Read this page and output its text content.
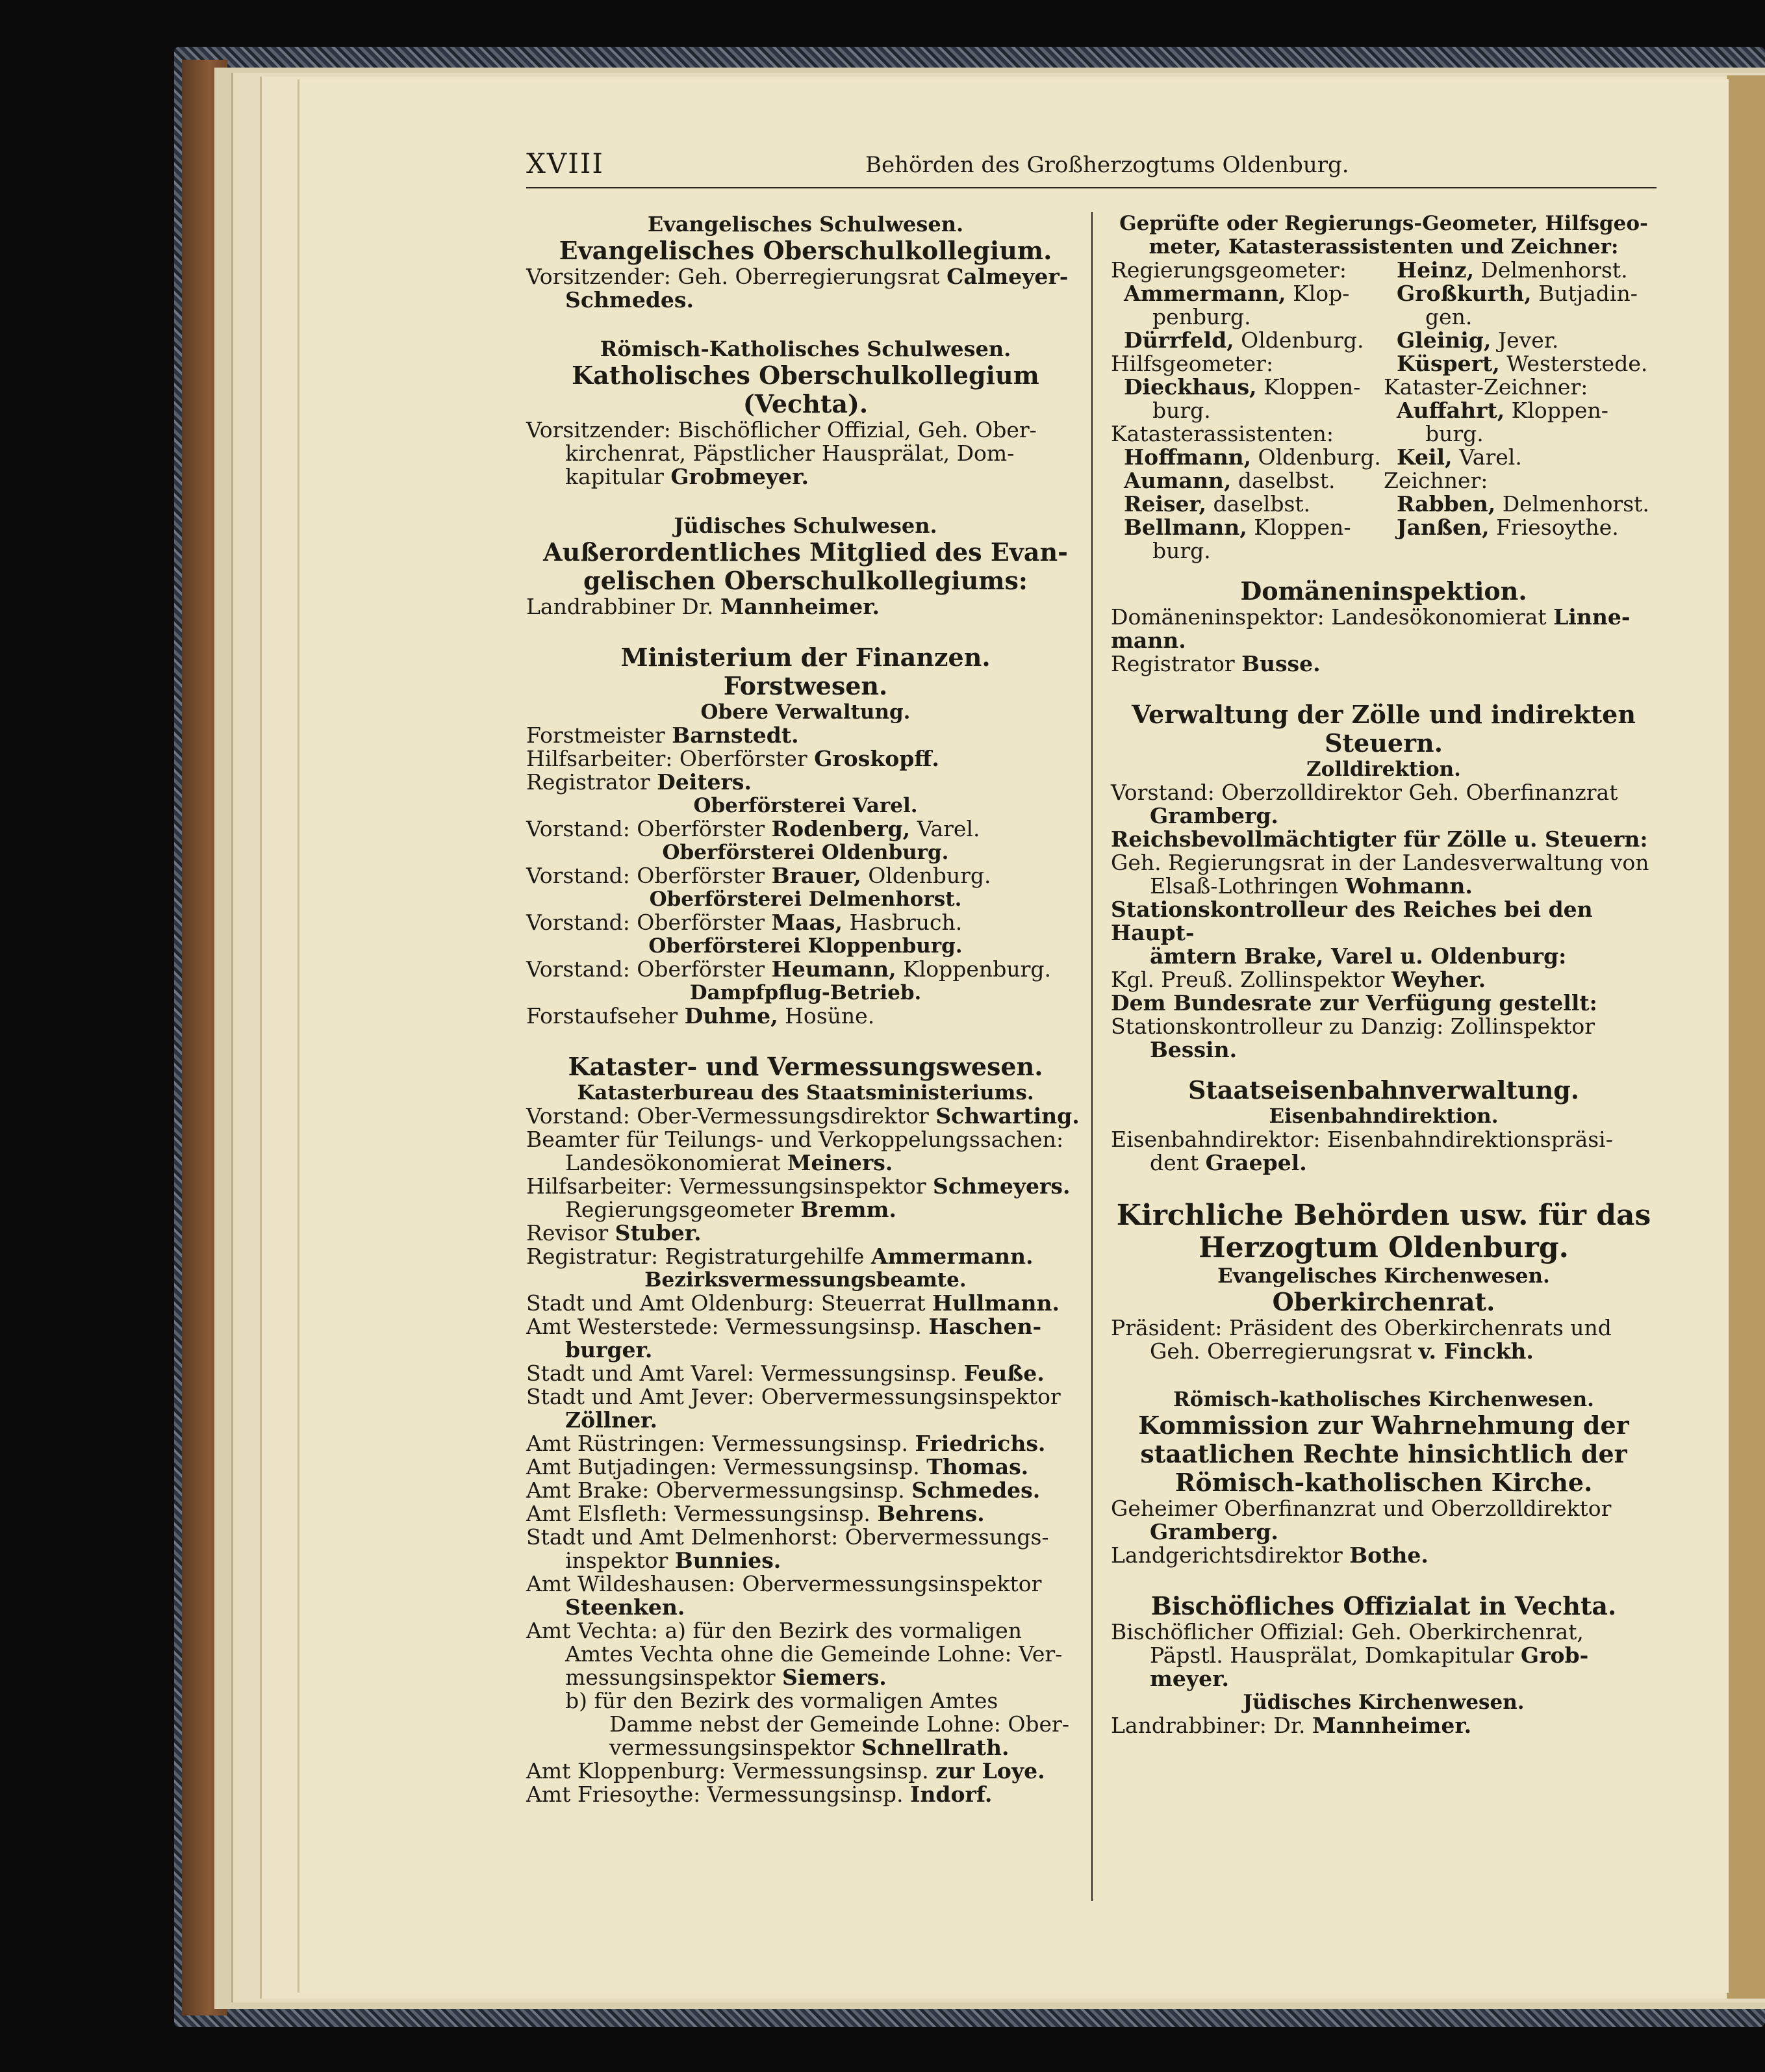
XVIII	Behörden des Großherzogtums Oldenburg.
Evangelisches Schulwesen.
Evangelisches Oberschulkollegium.

Vorsitzender: Geh. Oberregierungsrat Calmeyer-

Schmedes.

Römisch-Katholisches Schulwesen.
Katholisches Oberschulkollegium (Vechta).

Vorsitzender: Bischöflicher Offizial, Geh. Ober-

kirchenrat, Päpstlicher Hausprälat, Dom-

kapitular Grobmeyer.

Jüdisches Schulwesen.
Außerordentliches Mitglied des Evan-
gelischen Oberschulkollegiums:

Landrabbiner Dr. Mannheimer.

Ministerium der Finanzen.
Forstwesen.
Obere Verwaltung.

Forstmeister Barnstedt.

Hilfsarbeiter: Oberförster Groskopff.

Registrator Deiters.

Oberförsterei Varel.

Vorstand: Oberförster Rodenberg, Varel.

Oberförsterei Oldenburg.

Vorstand: Oberförster Brauer, Oldenburg.

Oberförsterei Delmenhorst.

Vorstand: Oberförster Maas, Hasbruch.

Oberförsterei Kloppenburg.

Vorstand: Oberförster Heumann, Kloppenburg.

Dampfpflug-Betrieb.

Forstaufseher Duhme, Hosüne.

Kataster- und Vermessungswesen.
Katasterbureau des Staatsministeriums.

Vorstand: Ober-Vermessungsdirektor Schwarting.

Beamter für Teilungs- und Verkoppelungssachen:

Landesökonomierat Meiners.

Hilfsarbeiter: Vermessungsinspektor Schmeyers.

Regierungsgeometer Bremm.

Revisor Stuber.

Registratur: Registraturgehilfe Ammermann.

Bezirksvermessungsbeamte.

Stadt und Amt Oldenburg: Steuerrat Hullmann.

Amt Westerstede: Vermessungsinsp. Haschen-

burger.

Stadt und Amt Varel: Vermessungsinsp. Feuße.

Stadt und Amt Jever: Obervermessungsinspektor

Zöllner.

Amt Rüstringen: Vermessungsinsp. Friedrichs.

Amt Butjadingen: Vermessungsinsp. Thomas.

Amt Brake: Obervermessungsinsp. Schmedes.

Amt Elsfleth: Vermessungsinsp. Behrens.

Stadt und Amt Delmenhorst: Obervermessungs-

inspektor Bunnies.

Amt Wildeshausen: Obervermessungsinspektor

Steenken.

Amt Vechta: a) für den Bezirk des vormaligen

Amtes Vechta ohne die Gemeinde Lohne: Ver-

messungsinspektor Siemers.

b) für den Bezirk des vormaligen Amtes

Damme nebst der Gemeinde Lohne: Ober-

vermessungsinspektor Schnellrath.

Amt Kloppenburg: Vermessungsinsp. zur Loye.

Amt Friesoythe: Vermessungsinsp. Indorf.

Geprüfte oder Regierungs-Geometer, Hilfsgeo-
meter, Katasterassistenten und Zeichner:

Regierungsgeometer:

Ammermann, Klop-

penburg.

Dürrfeld, Oldenburg.

Hilfsgeometer:

Dieckhaus, Kloppen-

burg.

Katasterassistenten:

Hoffmann, Oldenburg.

Aumann, daselbst.

Reiser, daselbst.

Bellmann, Kloppen-

burg.

Heinz, Delmenhorst.

Großkurth, Butjadin-

gen.

Gleinig, Jever.

Küspert, Westerstede.

Kataster-Zeichner:

Auffahrt, Kloppen-

burg.

Keil, Varel.

Zeichner:

Rabben, Delmenhorst.

Janßen, Friesoythe.

Domäneninspektion.

Domäneninspektor: Landesökonomierat Linne-

mann.

Registrator Busse.

Verwaltung der Zölle und indirekten
Steuern.
Zolldirektion.

Vorstand: Oberzolldirektor Geh. Oberfinanzrat

Gramberg.

Reichsbevollmächtigter für Zölle u. Steuern:

Geh. Regierungsrat in der Landesverwaltung von

Elsaß-Lothringen Wohmann.

Stationskontrolleur des Reiches bei den Haupt-

ämtern Brake, Varel u. Oldenburg:

Kgl. Preuß. Zollinspektor Weyher.

Dem Bundesrate zur Verfügung gestellt:

Stationskontrolleur zu Danzig: Zollinspektor

Bessin.

Staatseisenbahnverwaltung.
Eisenbahndirektion.

Eisenbahndirektor: Eisenbahndirektionspräsi-

dent Graepel.

Kirchliche Behörden usw. für das
Herzogtum Oldenburg.
Evangelisches Kirchenwesen.
Oberkirchenrat.

Präsident: Präsident des Oberkirchenrats und

Geh. Oberregierungsrat v. Finckh.

Römisch-katholisches Kirchenwesen.
Kommission zur Wahrnehmung der
staatlichen Rechte hinsichtlich der
Römisch-katholischen Kirche.

Geheimer Oberfinanzrat und Oberzolldirektor

Gramberg.

Landgerichtsdirektor Bothe.

Bischöfliches Offizialat in Vechta.

Bischöflicher Offizial: Geh. Oberkirchenrat,

Päpstl. Hausprälat, Domkapitular Grob-

meyer.

Jüdisches Kirchenwesen.

Landrabbiner: Dr. Mannheimer.
